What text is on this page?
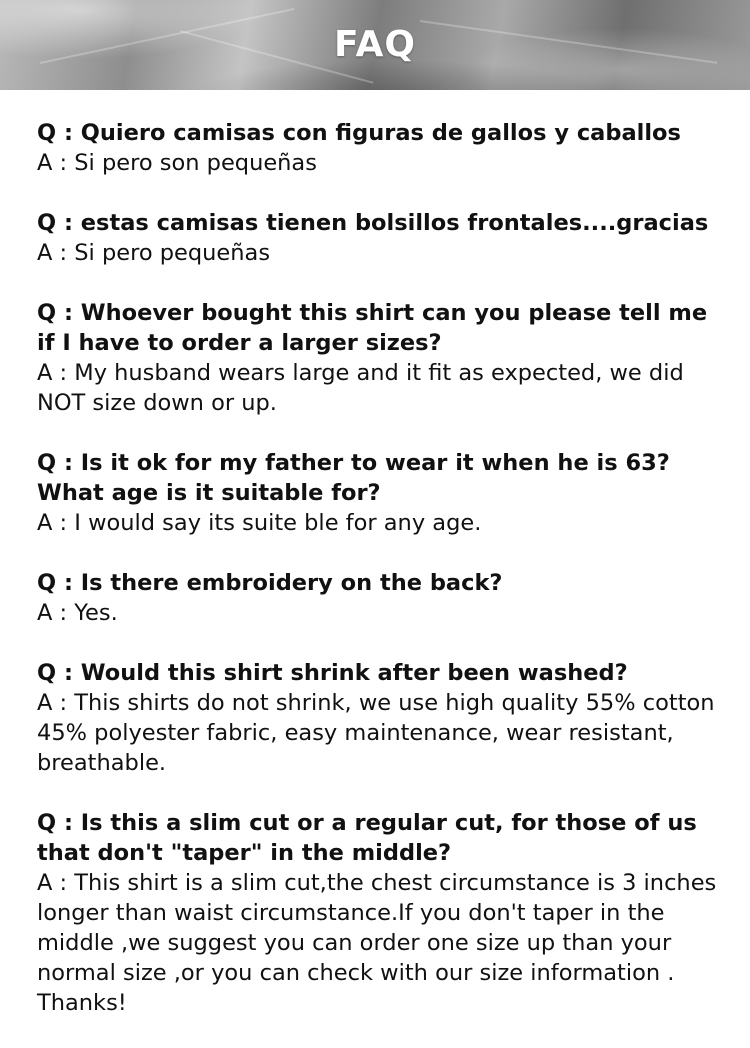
FAQ
Q : Quiero camisas con figuras de gallos y caballos
A : Si pero son pequeñas
Q : estas camisas tienen bolsillos frontales....gracias
A : Si pero pequeñas
Q : Whoever bought this shirt can you please tell me if I have to order a larger sizes?
A : My husband wears large and it fit as expected, we did NOT size down or up.
Q : Is it ok for my father to wear it when he is 63? What age is it suitable for?
A : I would say its suite ble for any age.
Q : Is there embroidery on the back?
A : Yes.
Q : Would this shirt shrink after been washed?
A : This shirts do not shrink, we use high quality 55% cotton 45% polyester fabric, easy maintenance, wear resistant, breathable.
Q : Is this a slim cut or a regular cut, for those of us that don't "taper" in the middle?
A : This shirt is a slim cut,the chest circumstance is 3 inches longer than waist circumstance.If you don't taper in the middle ,we suggest you can order one size up than your normal size ,or you can check with our size information . Thanks!
